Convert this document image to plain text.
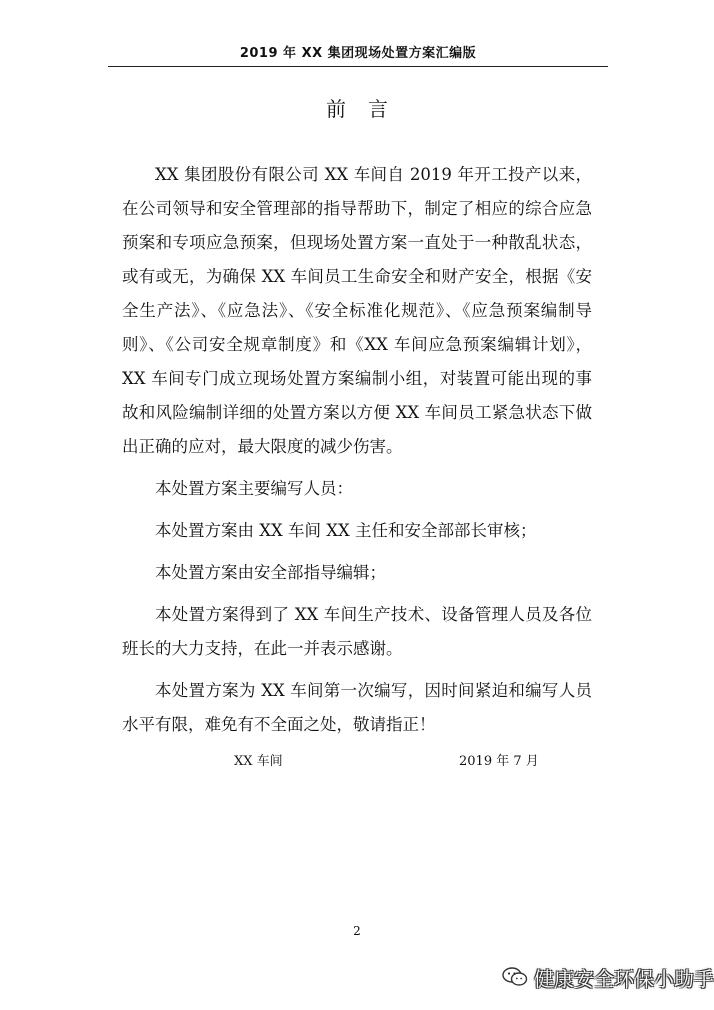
2019 年 XX 集团现场处置方案汇编版
前言

XX 集团股份有限公司 XX 车间自 2019 年开工投产以来，在公司领导和安全管理部的指导帮助下，制定了相应的综合应急预案和专项应急预案，但现场处置方案一直处于一种散乱状态，或有或无，为确保 XX 车间员工生命安全和财产安全，根据《安全生产法》、《应急法》、《安全标准化规范》、《应急预案编制导则》、《公司安全规章制度》和《XX 车间应急预案编辑计划》，XX 车间专门成立现场处置方案编制小组，对装置可能出现的事故和风险编制详细的处置方案以方便 XX 车间员工紧急状态下做出正确的应对，最大限度的减少伤害。

本处置方案主要编写人员：

本处置方案由 XX 车间 XX 主任和安全部部长审核；

本处置方案由安全部指导编辑；

本处置方案得到了 XX 车间生产技术、设备管理人员及各位班长的大力支持，在此一并表示感谢。

本处置方案为 XX 车间第一次编写，因时间紧迫和编写人员水平有限，难免有不全面之处，敬请指正！

XX 车间	2019 年 7 月
2
健康安全环保小助手
